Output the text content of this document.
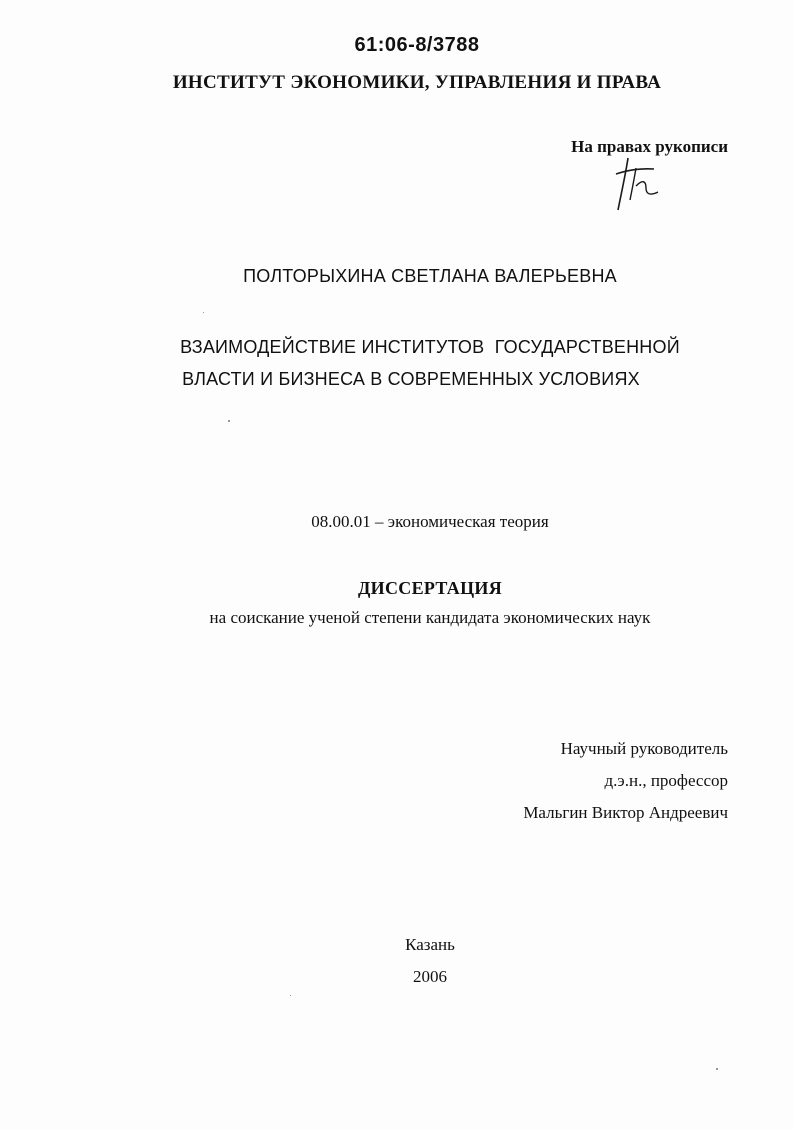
61:06-8/3788
ИНСТИТУТ ЭКОНОМИКИ, УПРАВЛЕНИЯ И ПРАВА
На правах рукописи
ПОЛТОРЫХИНА СВЕТЛАНА ВАЛЕРЬЕВНА
ВЗАИМОДЕЙСТВИЕ ИНСТИТУТОВ  ГОСУДАРСТВЕННОЙ
ВЛАСТИ И БИЗНЕСА В СОВРЕМЕННЫХ УСЛОВИЯХ
08.00.01 – экономическая теория
ДИССЕРТАЦИЯ
на соискание ученой степени кандидата экономических наук
Научный руководитель
д.э.н., профессор
Мальгин Виктор Андреевич
Казань
2006
